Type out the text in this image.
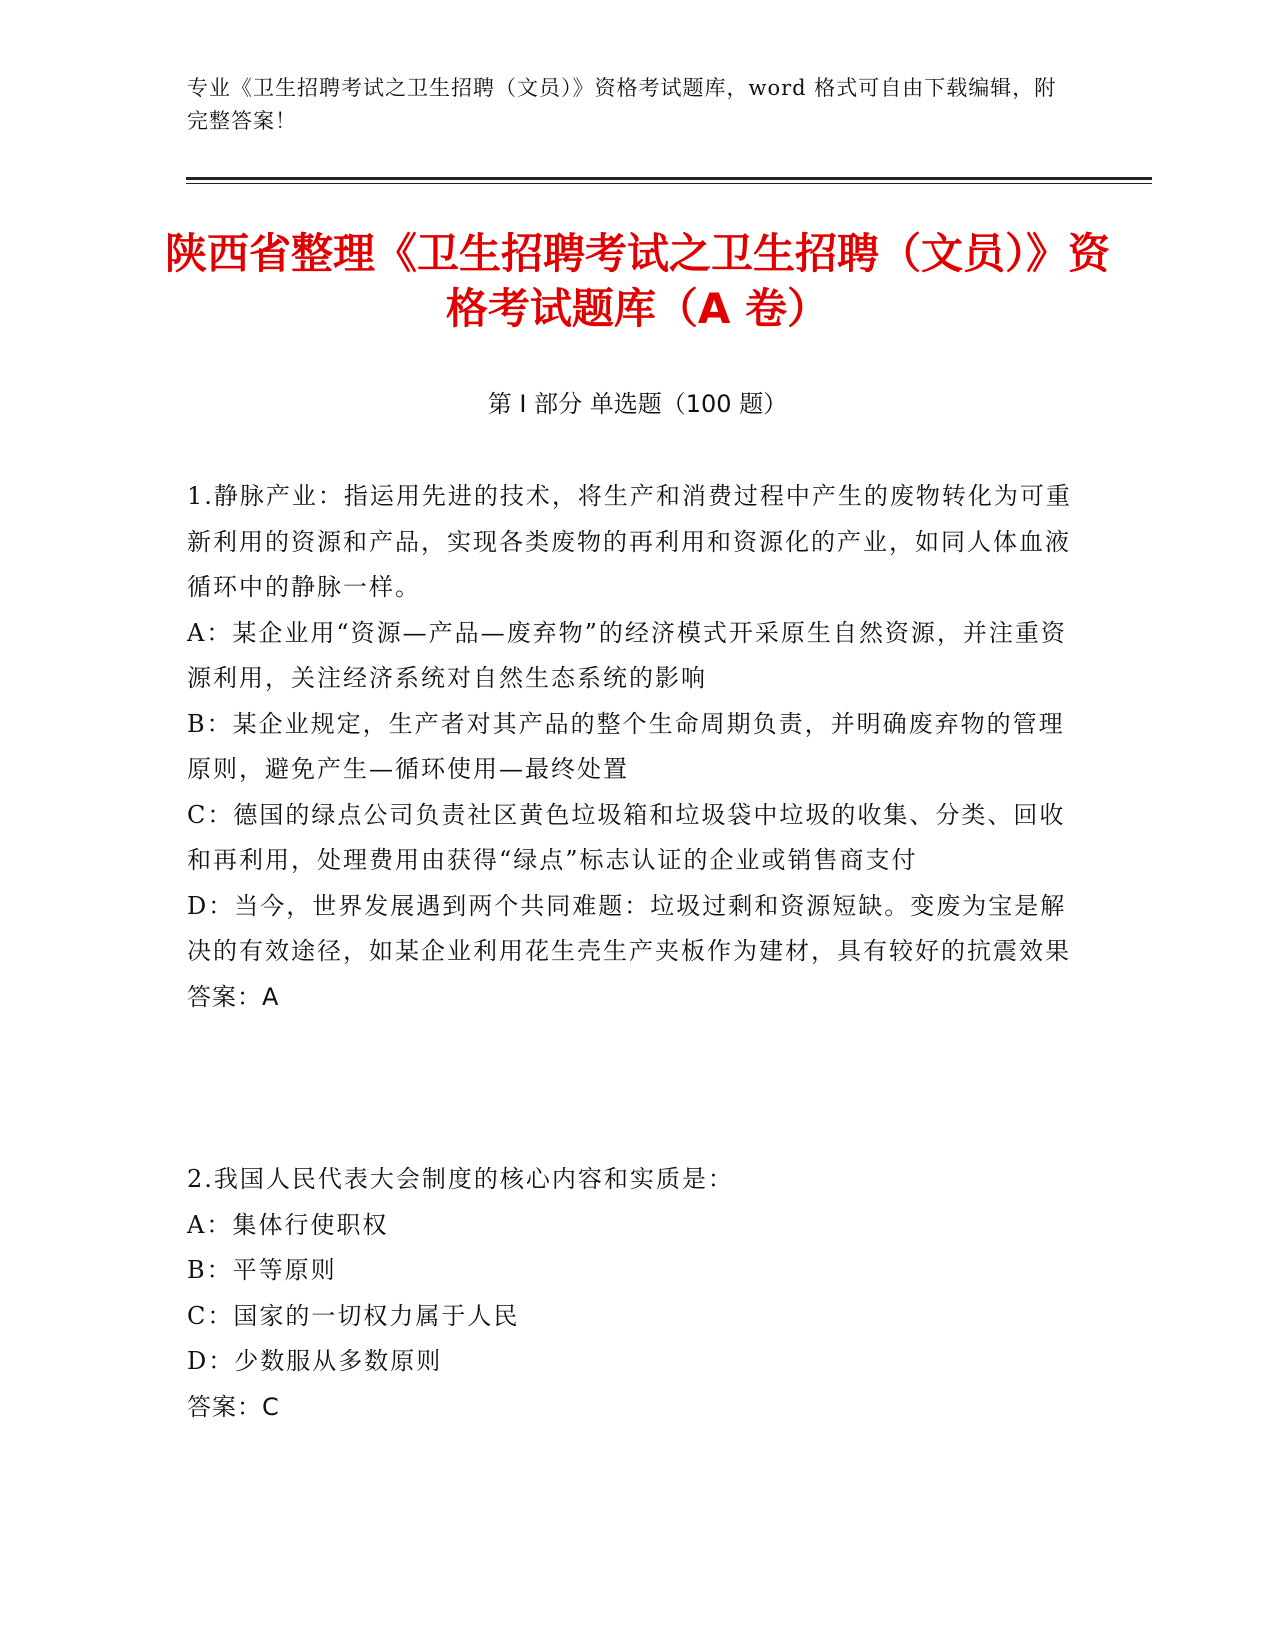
专业《卫生招聘考试之卫生招聘（文员）》资格考试题库，word 格式可自由下载编辑，附完整答案！
陕西省整理《卫生招聘考试之卫生招聘（文员）》资格考试题库（A 卷）
第 I 部分 单选题（100 题）
1.静脉产业：指运用先进的技术，将生产和消费过程中产生的废物转化为可重新利用的资源和产品，实现各类废物的再利用和资源化的产业，如同人体血液循环中的静脉一样。
A：某企业用“资源—产品—废弃物”的经济模式开采原生自然资源，并注重资源利用，关注经济系统对自然生态系统的影响
B：某企业规定，生产者对其产品的整个生命周期负责，并明确废弃物的管理原则，避免产生—循环使用—最终处置
C：德国的绿点公司负责社区黄色垃圾箱和垃圾袋中垃圾的收集、分类、回收和再利用，处理费用由获得“绿点”标志认证的企业或销售商支付
D：当今，世界发展遇到两个共同难题：垃圾过剩和资源短缺。变废为宝是解决的有效途径，如某企业利用花生壳生产夹板作为建材，具有较好的抗震效果
答案：A
2.我国人民代表大会制度的核心内容和实质是：
A：集体行使职权
B：平等原则
C：国家的一切权力属于人民
D：少数服从多数原则
答案：C
